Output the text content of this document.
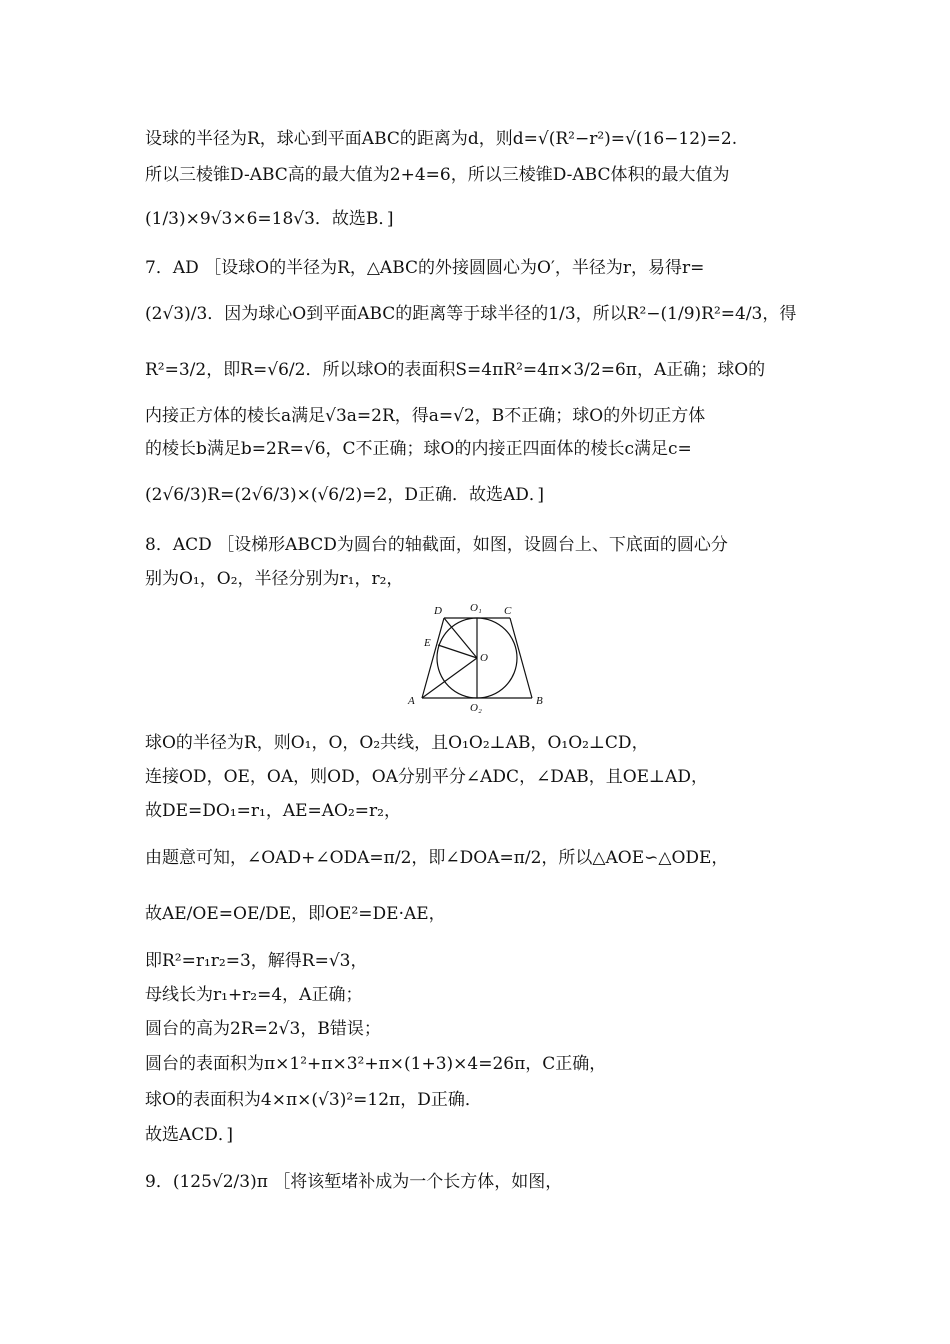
设球的半径为R，球心到平面ABC的距离为d，则d=√(R²−r²)=√(16−12)=2.
所以三棱锥D-ABC高的最大值为2+4=6，所以三棱锥D-ABC体积的最大值为
(1/3)×9√3×6=18√3．故选B．]
7．AD ［设球O的半径为R，△ABC的外接圆圆心为O′，半径为r，易得r=
(2√3)/3．因为球心O到平面ABC的距离等于球半径的1/3，所以R²−(1/9)R²=4/3，得
R²=3/2，即R=√6/2．所以球O的表面积S=4πR²=4π×3/2=6π，A正确；球O的
内接正方体的棱长a满足√3a=2R，得a=√2，B不正确；球O的外切正方体
的棱长b满足b=2R=√6，C不正确；球O的内接正四面体的棱长c满足c=
(2√6/3)R=(2√6/3)×(√6/2)=2，D正确．故选AD．]
8．ACD ［设梯形ABCD为圆台的轴截面，如图，设圆台上、下底面的圆心分
别为O₁，O₂，半径分别为r₁，r₂，
D	O₁ C
E
O
A
O₂
B
球O的半径为R，则O₁，O，O₂共线，且O₁O₂⊥AB，O₁O₂⊥CD，
连接OD，OE，OA，则OD，OA分别平分∠ADC，∠DAB，且OE⊥AD，
故DE=DO₁=r₁，AE=AO₂=r₂，
由题意可知，∠OAD+∠ODA=π/2，即∠DOA=π/2，所以△AOE∽△ODE，
故AE/OE=OE/DE，即OE²=DE·AE，
即R²=r₁r₂=3，解得R=√3，
母线长为r₁+r₂=4，A正确；
圆台的高为2R=2√3，B错误；
圆台的表面积为π×1²+π×3²+π×(1+3)×4=26π，C正确，
球O的表面积为4×π×(√3)²=12π，D正确．
故选ACD．]
9．(125√2/3)π ［将该堑堵补成为一个长方体，如图，
